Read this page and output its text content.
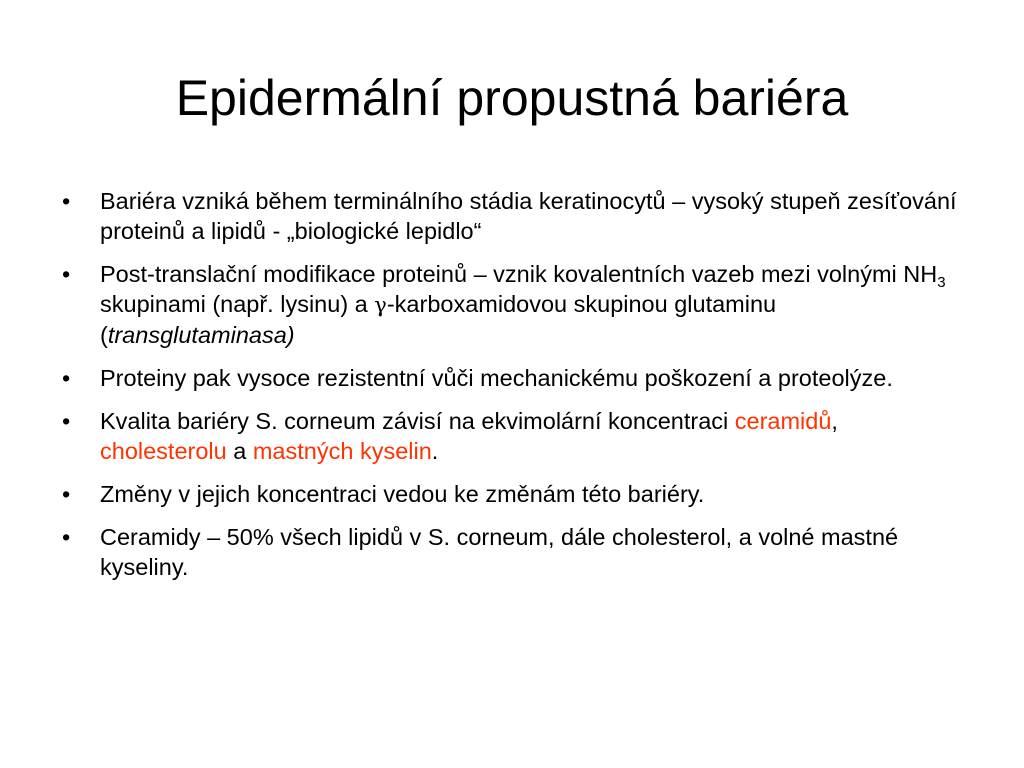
Epidermální propustná bariéra
•	Bariéra vzniká během terminálního stádia keratinocytů – vysoký stupeň zesíťování proteinů a lipidů - „biologické lepidlo“
•	Post-translační modifikace proteinů – vznik kovalentních vazeb mezi volnými $NH_3$ skupinami (např. lysinu) a γ-karboxamidovou skupinou glutaminu (transglutaminasa)
•	Proteiny pak vysoce rezistentní vůči mechanickému poškození a proteolýze.
•	Kvalita bariéry S. corneum závisí na ekvimolární koncentraci ceramidů, cholesterolu a mastných kyselin.
•	Změny v jejich koncentraci vedou ke změnám této bariéry.
•	Ceramidy – 50% všech lipidů v S. corneum, dále cholesterol, a volné mastné kyseliny.
